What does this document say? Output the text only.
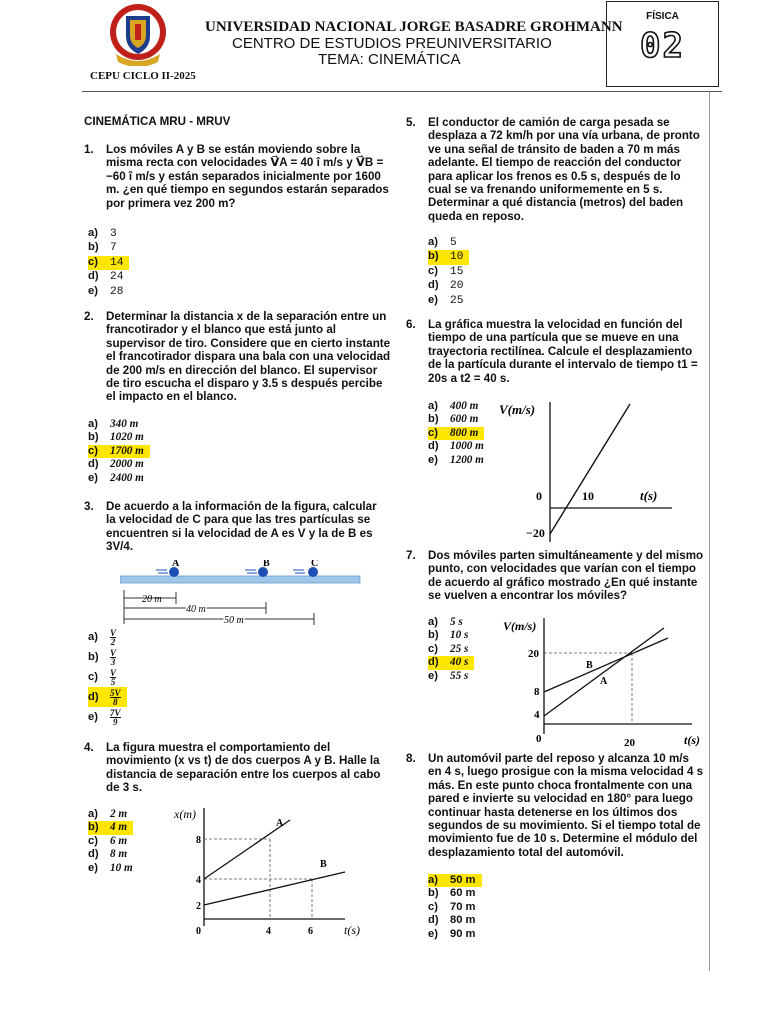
UNIVERSIDAD NACIONAL JORGE BASADRE GROHMANN
CENTRO DE ESTUDIOS PREUNIVERSITARIO
TEMA: CINEMÁTICA
CEPU CICLO II-2025
FÍSICA
02
CINEMÁTICA MRU - MRUV
1. Los móviles A y B se están moviendo sobre la misma recta con velocidades V⃗A = 40 î m/s y V⃗B = −60 î m/s y están separados inicialmente por 1600 m. ¿en qué tiempo en segundos estarán separados por primera vez 200 m?
a) 3
b) 7
c) 14
d) 24
e) 28
2. Determinar la distancia x de la separación entre un francotirador y el blanco que está junto al supervisor de tiro. Considere que en cierto instante el francotirador dispara una bala con una velocidad de 200 m/s en dirección del blanco. El supervisor de tiro escucha el disparo y 3.5 s después percibe el impacto en el blanco.
a) 340 m
b) 1020 m
c) 1700 m
d) 2000 m
e) 2400 m
3. De acuerdo a la información de la figura, calcular la velocidad de C para que las tres partículas se encuentren si la velocidad de A es V y la de B es 3V/4.
A	B	C
20 m
40 m
50 m
$a) \frac{V}{2}$
$b) \frac{V}{3}$
$c) \frac{V}{5}$
$d) \frac{5V}{8}$
$e) \frac{7V}{9}$
4. La figura muestra el comportamiento del movimiento (x vs t) de dos cuerpos A y B. Halle la distancia de separación entre los cuerpos al cabo de 3 s.
a) 2 m
b) 4 m
c) 6 m
d) 8 m
e) 10 m
x(m)
t(s)
8
4
2
0	4	6
A
B
5. El conductor de camión de carga pesada se desplaza a 72 km/h por una vía urbana, de pronto ve una señal de tránsito de baden a 70 m más adelante. El tiempo de reacción del conductor para aplicar los frenos es 0.5 s, después de lo cual se va frenando uniformemente en 5 s. Determinar a qué distancia (metros) del baden queda en reposo.
a) 5
b) 10
c) 15
d) 20
e) 25
6. La gráfica muestra la velocidad en función del tiempo de una partícula que se mueve en una trayectoria rectilínea. Calcule el desplazamiento de la partícula durante el intervalo de tiempo t1 = 20s a t2 = 40 s.
a) 400 m
b) 600 m
c) 800 m
d) 1000 m
e) 1200 m
V(m/s)
t(s)
0	10
−20
7. Dos móviles parten simultáneamente y del mismo punto, con velocidades que varían con el tiempo de acuerdo al gráfico mostrado ¿En qué instante se vuelven a encontrar los móviles?
a) 5 s
b) 10 s
c) 25 s
d) 40 s
e) 55 s
V(m/s)
t(s)
20
8
4
0	20
B
A
8. Un automóvil parte del reposo y alcanza 10 m/s en 4 s, luego prosigue con la misma velocidad 4 s más. En este punto choca frontalmente con una pared e invierte su velocidad en 180° para luego continuar hasta detenerse en los últimos dos segundos de su movimiento. Si el tiempo total de movimiento fue de 10 s. Determine el módulo del desplazamiento total del automóvil.
a) 50 m
b) 60 m
c) 70 m
d) 80 m
e) 90 m
